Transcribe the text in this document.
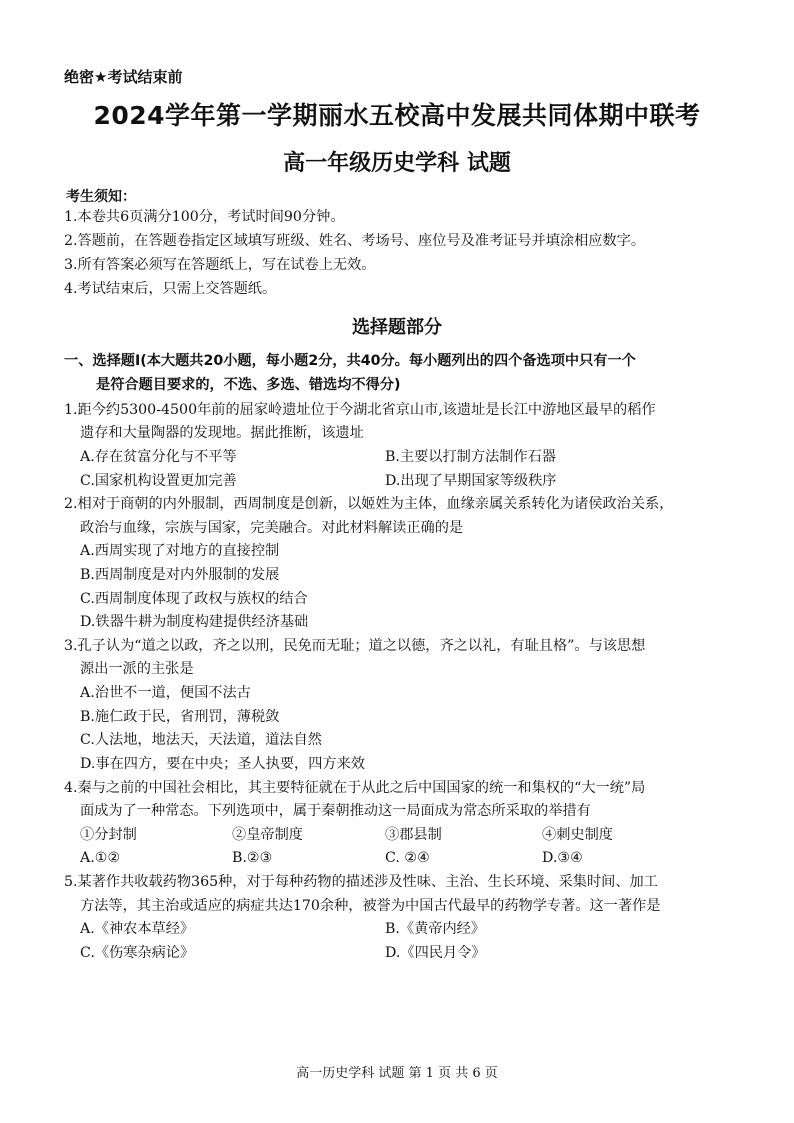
绝密★考试结束前
2024学年第一学期丽水五校高中发展共同体期中联考
高一年级历史学科 试题
考生须知：
1.本卷共6页满分100分，考试时间90分钟。
2.答题前，在答题卷指定区域填写班级、姓名、考场号、座位号及准考证号并填涂相应数字。
3.所有答案必须写在答题纸上，写在试卷上无效。
4.考试结束后，只需上交答题纸。
选择题部分
一、选择题Ⅰ(本大题共20小题，每小题2分，共40分。每小题列出的四个备选项中只有一个
是符合题目要求的，不选、多选、错选均不得分)
1.距今约5300-4500年前的屈家岭遗址位于今湖北省京山市,该遗址是长江中游地区最早的稻作
遗存和大量陶器的发现地。据此推断，该遗址
A.存在贫富分化与不平等	B.主要以打制方法制作石器
C.国家机构设置更加完善	D.出现了早期国家等级秩序
2.相对于商朝的内外服制，西周制度是创新，以姬姓为主体，血缘亲属关系转化为诸侯政治关系，
政治与血缘，宗族与国家，完美融合。对此材料解读正确的是
A.西周实现了对地方的直接控制
B.西周制度是对内外服制的发展
C.西周制度体现了政权与族权的结合
D.铁器牛耕为制度构建提供经济基础
3.孔子认为“道之以政，齐之以刑，民免而无耻；道之以德，齐之以礼，有耻且格”。与该思想
源出一派的主张是
A.治世不一道，便国不法古
B.施仁政于民，省刑罚，薄税敛
C.人法地，地法天，天法道，道法自然
D.事在四方，要在中央；圣人执要，四方来效
4.秦与之前的中国社会相比，其主要特征就在于从此之后中国国家的统一和集权的“大一统”局
面成为了一种常态。下列选项中，属于秦朝推动这一局面成为常态所采取的举措有
①分封制	②皇帝制度	③郡县制	④刺史制度
A.①②	B.②③	C. ②④	D.③④
5.某著作共收载药物365种，对于每种药物的描述涉及性味、主治、生长环境、采集时间、加工
方法等，其主治或适应的病症共达170余种，被誉为中国古代最早的药物学专著。这一著作是
A.《神农本草经》	B.《黄帝内经》
C.《伤寒杂病论》	D.《四民月令》
高一历史学科 试题 第 1 页 共 6 页
